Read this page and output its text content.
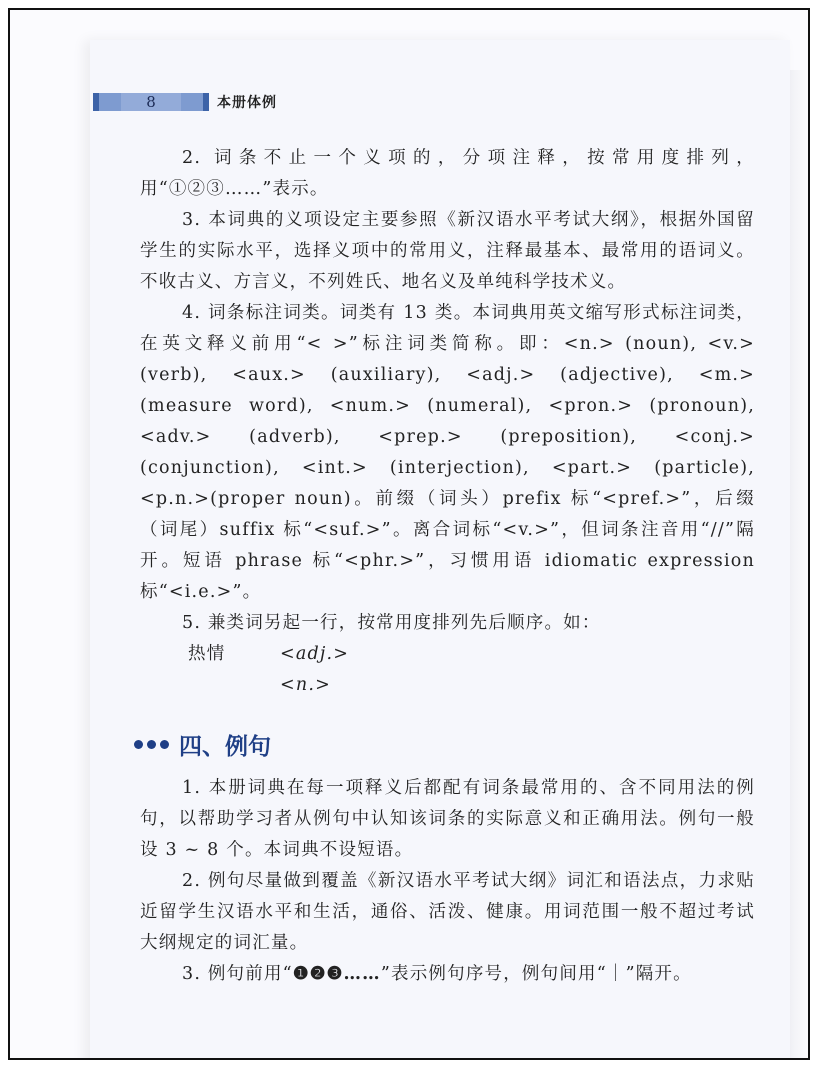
8	本册体例

2. 词条不止一个义项的，分项注释，按常用度排列，用“①②③……”表示。

3. 本词典的义项设定主要参照《新汉语水平考试大纲》，根据外国留学生的实际水平，选择义项中的常用义，注释最基本、最常用的语词义。不收古义、方言义，不列姓氏、地名义及单纯科学技术义。

4. 词条标注词类。词类有 13 类。本词典用英文缩写形式标注词类，在英文释义前用“< >”标注词类简称。即：<n.> (noun), <v.> (verb), <aux.> (auxiliary), <adj.> (adjective), <m.> (measure word), <num.> (numeral), <pron.> (pronoun), <adv.> (adverb), <prep.> (preposition), <conj.> (conjunction), <int.> (interjection), <part.> (particle), <p.n.>(proper noun)。前缀（词头）prefix 标“<pref.>”，后缀（词尾）suffix 标“<suf.>”。离合词标“<v.>”，但词条注音用“//”隔开。短语 phrase 标“<phr.>”，习惯用语 idiomatic expression 标“<i.e.>”。

5. 兼类词另起一行，按常用度排列先后顺序。如：

热情	<adj.>
<n.>
四、例句

1. 本册词典在每一项释义后都配有词条最常用的、含不同用法的例句，以帮助学习者从例句中认知该词条的实际意义和正确用法。例句一般设 3 ~ 8 个。本词典不设短语。

2. 例句尽量做到覆盖《新汉语水平考试大纲》词汇和语法点，力求贴近留学生汉语水平和生活，通俗、活泼、健康。用词范围一般不超过考试大纲规定的词汇量。

3. 例句前用“❶❷❸……”表示例句序号，例句间用“｜”隔开。
